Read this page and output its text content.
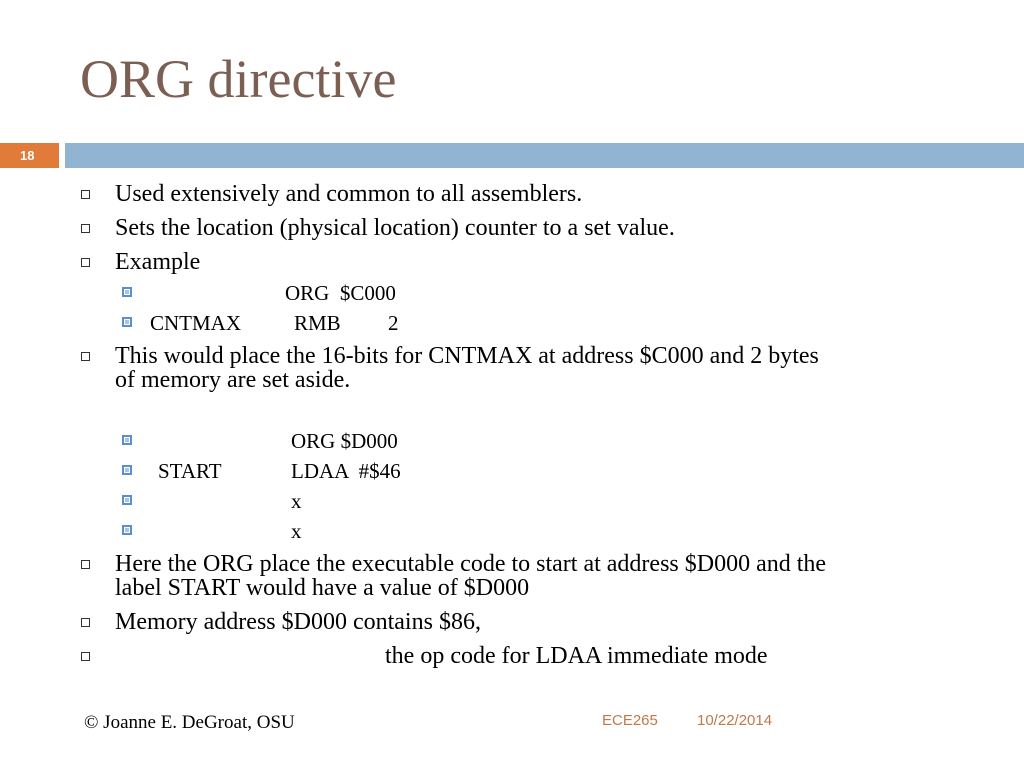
ORG directive
18
Used extensively and common to all assemblers.
Sets the location (physical location) counter to a set value.
Example
ORG  $C000
CNTMAX	RMB 2
This would place the 16-bits for CNTMAX at address $C000 and 2 bytes
of memory are set aside.
ORG $D000
START	LDAA  #$46
x
x
Here the ORG place the executable code to start at address $D000 and the
label START would have a value of $D000
Memory address $D000 contains $86,
the op code for LDAA immediate mode
© Joanne E. DeGroat, OSU	ECE265	10/22/2014
